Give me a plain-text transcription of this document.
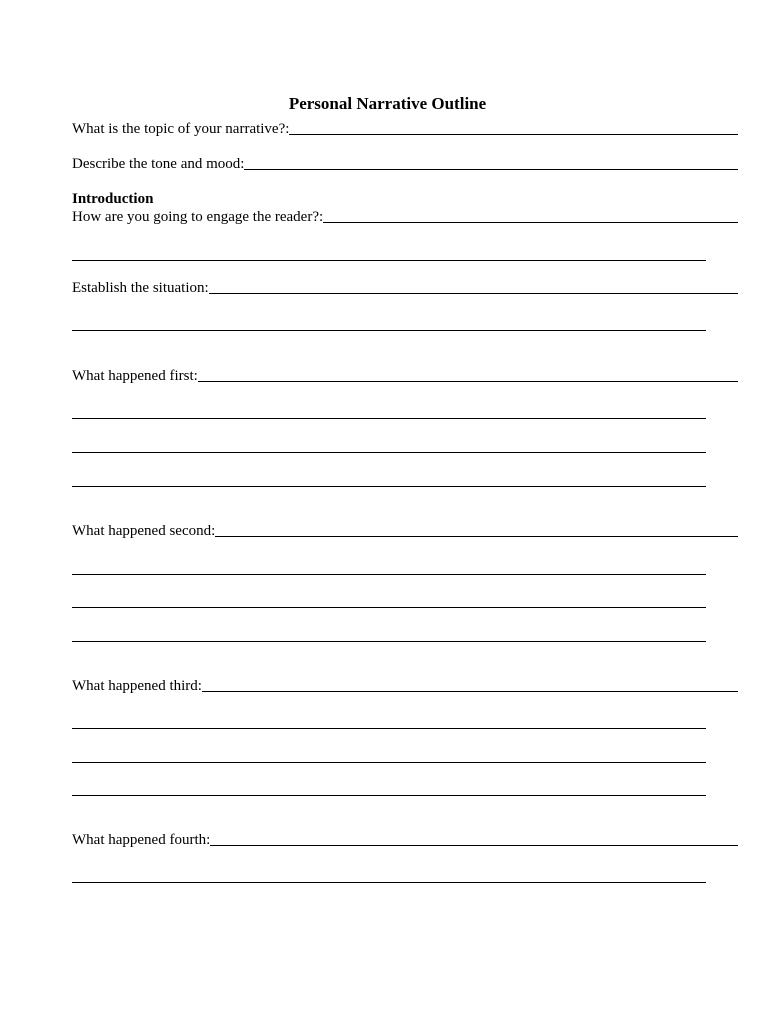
Personal Narrative Outline
What is the topic of your narrative?:
Describe the tone and mood:
Introduction
How are you going to engage the reader?:
Establish the situation:
What happened first:
What happened second:
What happened third:
What happened fourth:
